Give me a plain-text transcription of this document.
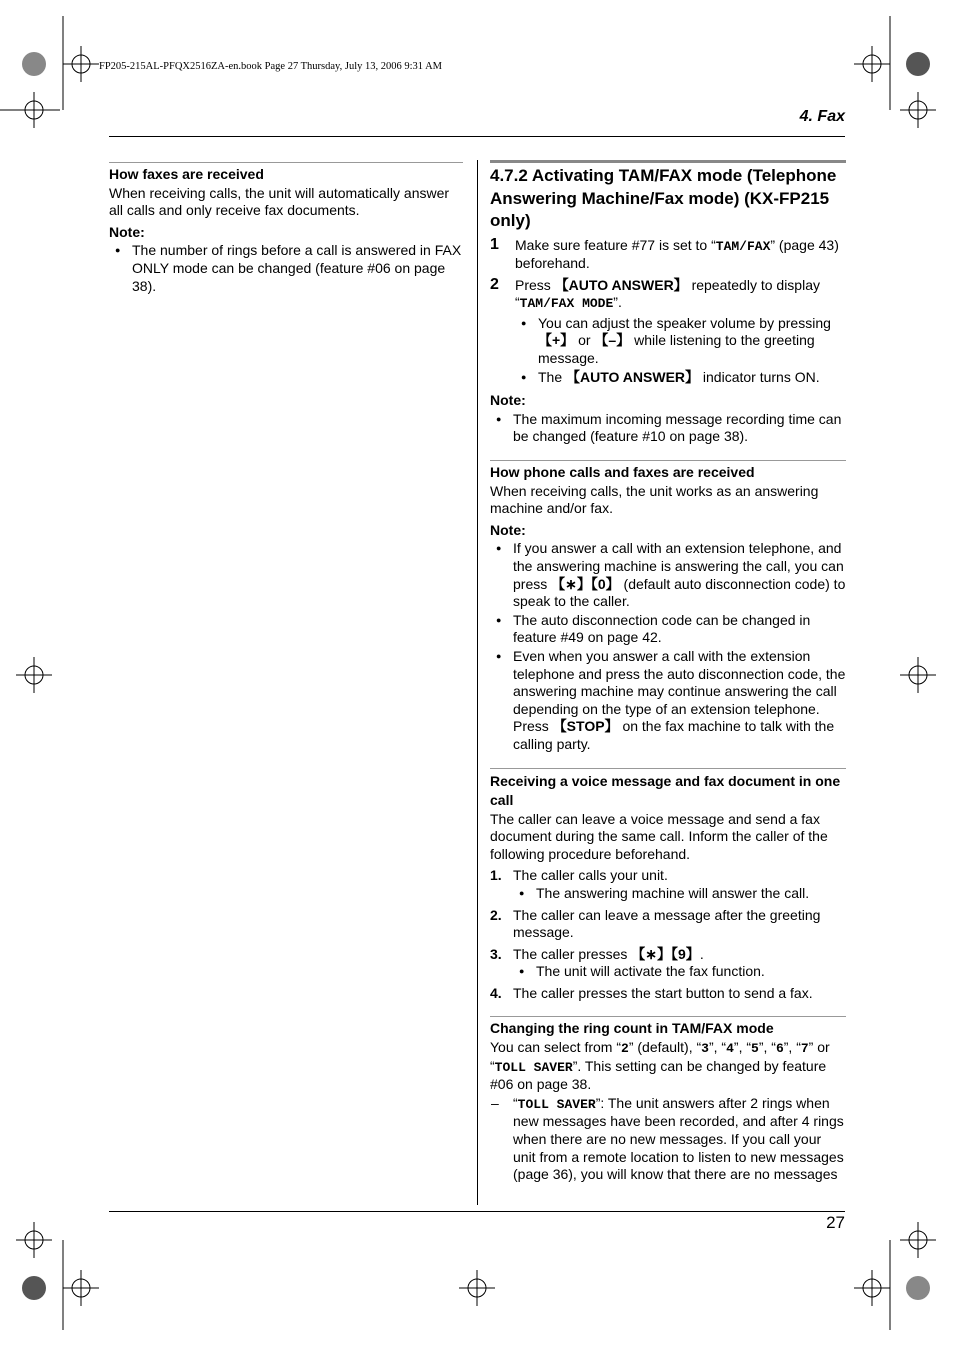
FP205-215AL-PFQX2516ZA-en.book Page 27 Thursday, July 13, 2006 9:31 AM
4. Fax
27
How faxes are received
When receiving calls, the unit will automatically answer all calls and only receive fax documents.
Note:
● The number of rings before a call is answered in FAX ONLY mode can be changed (feature #06 on page 38).
4.7.2 Activating TAM/FAX mode (Telephone Answering Machine/Fax mode) (KX-FP215 only)
1 Make sure feature #77 is set to “TAM/FAX” (page 43) beforehand.
2 Press 【AUTO ANSWER】 repeatedly to display “TAM/FAX MODE”.
● You can adjust the speaker volume by pressing 【+】 or 【–】 while listening to the greeting message.
● The 【AUTO ANSWER】 indicator turns ON.
Note:
● The maximum incoming message recording time can be changed (feature #10 on page 38).
How phone calls and faxes are received
When receiving calls, the unit works as an answering machine and/or fax.
Note:
● If you answer a call with an extension telephone, and the answering machine is answering the call, you can press 【∗】【0】 (default auto disconnection code) to speak to the caller.
● The auto disconnection code can be changed in feature #49 on page 42.
● Even when you answer a call with the extension telephone and press the auto disconnection code, the answering machine may continue answering the call depending on the type of an extension telephone. Press 【STOP】 on the fax machine to talk with the calling party.
Receiving a voice message and fax document in one call
The caller can leave a voice message and send a fax document during the same call. Inform the caller of the following procedure beforehand.
1. The caller calls your unit.
● The answering machine will answer the call.
2. The caller can leave a message after the greeting message.
3. The caller presses 【∗】【9】.
● The unit will activate the fax function.
4. The caller presses the start button to send a fax.
Changing the ring count in TAM/FAX mode
You can select from “2” (default), “3”, “4”, “5”, “6”, “7” or “TOLL SAVER”. This setting can be changed by feature #06 on page 38.
– “TOLL SAVER”: The unit answers after 2 rings when new messages have been recorded, and after 4 rings when there are no new messages. If you call your unit from a remote location to listen to new messages (page 36), you will know that there are no messages
